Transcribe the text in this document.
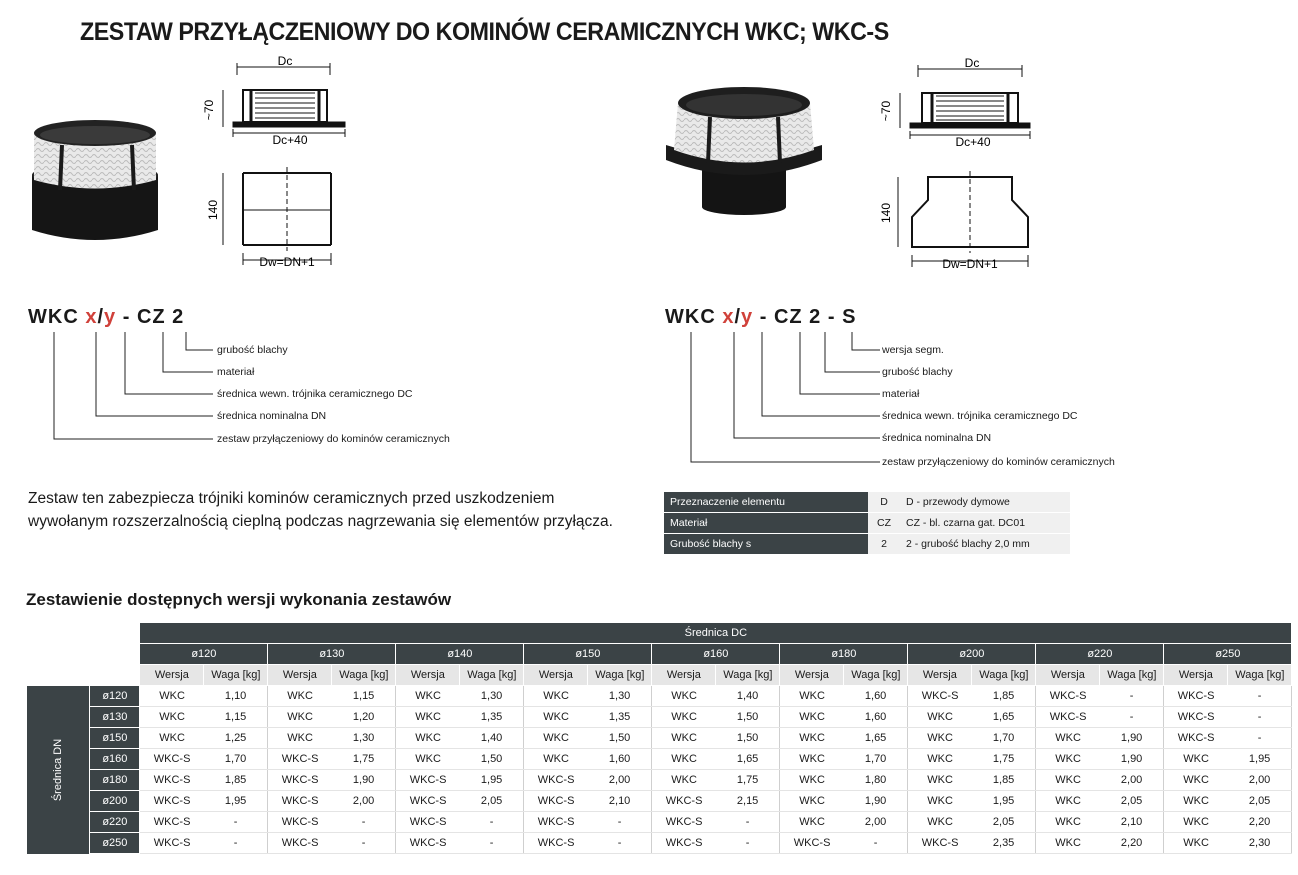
ZESTAW PRZYŁĄCZENIOWY DO KOMINÓW CERAMICZNYCH WKC; WKC-S
Dc
Dc+40
~70
140
Dw=DN+1
Dc
Dc+40
~70
140
Dw=DN+1
WKC x/y - CZ 2
grubość blachy
materiał
średnica wewn. trójnika ceramicznego DC
średnica nominalna DN
zestaw przyłączeniowy do kominów ceramicznych
WKC x/y - CZ 2 - S
wersja segm.
grubość blachy
materiał
średnica wewn. trójnika ceramicznego DC
średnica nominalna DN
zestaw przyłączeniowy do kominów ceramicznych
Zestaw ten zabezpiecza trójniki kominów ceramicznych przed uszkodzeniem wywołanym rozszerzalnością cieplną podczas nagrzewania się elementów przyłącza.
Przeznaczenie elementu	D	D - przewody dymowe
Materiał	CZ	CZ - bl. czarna gat. DC01
Grubość blachy s	2	2 - grubość blachy 2,0 mm
Zestawienie dostępnych wersji wykonania zestawów
		Średnica DC																	
		ø120		ø130		ø140		ø150		ø160		ø180		ø200		ø220		ø250	
		Wersja	Waga [kg]	Wersja	Waga [kg]	Wersja	Waga [kg]	Wersja	Waga [kg]	Wersja	Waga [kg]	Wersja	Waga [kg]	Wersja	Waga [kg]	Wersja	Waga [kg]	Wersja	Waga [kg]
Średnica DN	ø120	WKC	1,10	WKC	1,15	WKC	1,30	WKC	1,30	WKC	1,40	WKC	1,60	WKC-S	1,85	WKC-S	-	WKC-S	-
	ø130	WKC	1,15	WKC	1,20	WKC	1,35	WKC	1,35	WKC	1,50	WKC	1,60	WKC	1,65	WKC-S	-	WKC-S	-
	ø150	WKC	1,25	WKC	1,30	WKC	1,40	WKC	1,50	WKC	1,50	WKC	1,65	WKC	1,70	WKC	1,90	WKC-S	-
	ø160	WKC-S	1,70	WKC-S	1,75	WKC	1,50	WKC	1,60	WKC	1,65	WKC	1,70	WKC	1,75	WKC	1,90	WKC	1,95
	ø180	WKC-S	1,85	WKC-S	1,90	WKC-S	1,95	WKC-S	2,00	WKC	1,75	WKC	1,80	WKC	1,85	WKC	2,00	WKC	2,00
	ø200	WKC-S	1,95	WKC-S	2,00	WKC-S	2,05	WKC-S	2,10	WKC-S	2,15	WKC	1,90	WKC	1,95	WKC	2,05	WKC	2,05
	ø220	WKC-S	-	WKC-S	-	WKC-S	-	WKC-S	-	WKC-S	-	WKC	2,00	WKC	2,05	WKC	2,10	WKC	2,20
	ø250	WKC-S	-	WKC-S	-	WKC-S	-	WKC-S	-	WKC-S	-	WKC-S	-	WKC-S	2,35	WKC	2,20	WKC	2,30
